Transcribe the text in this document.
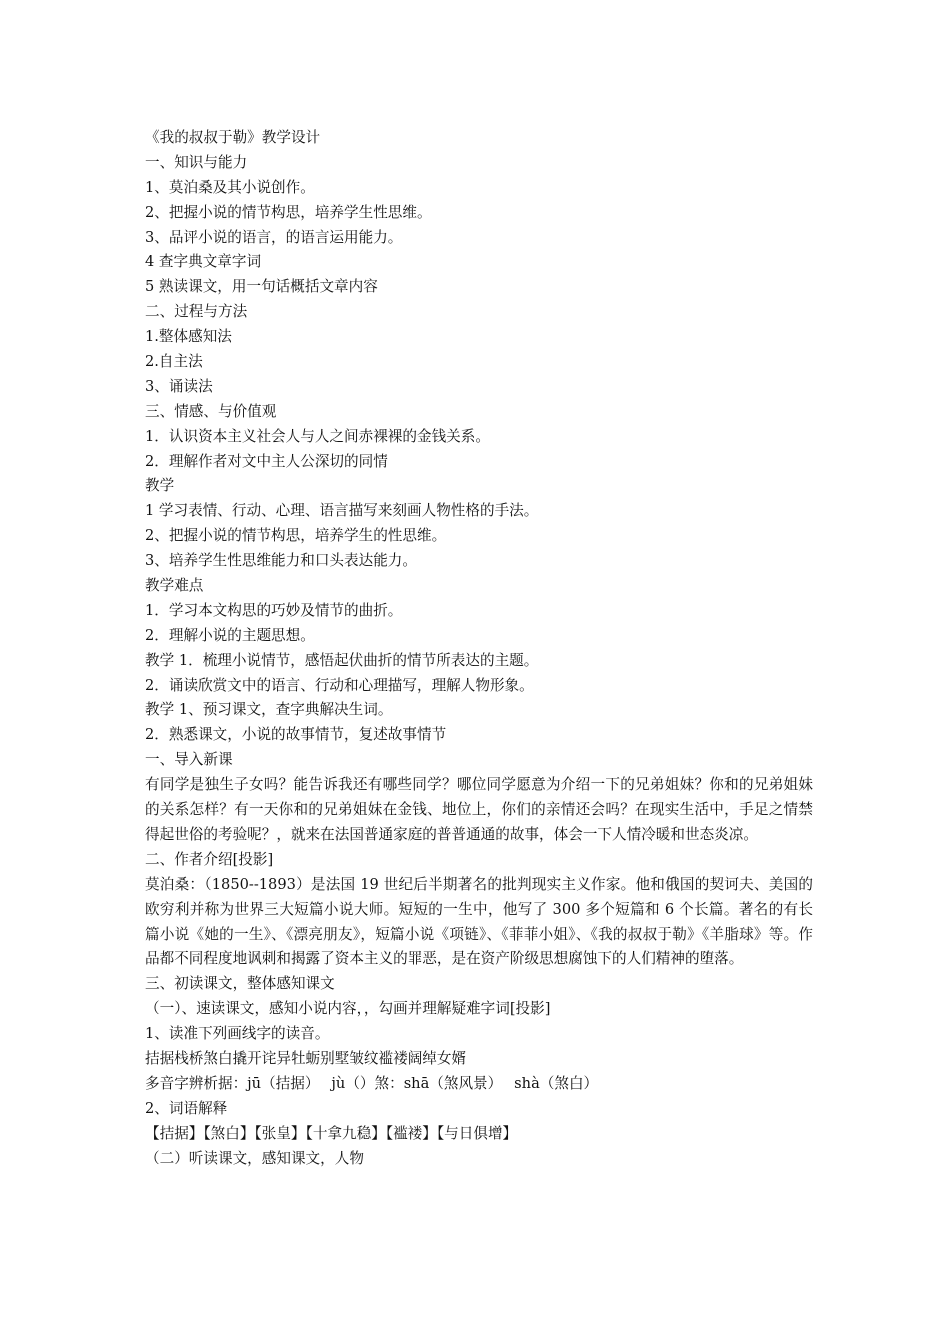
《我的叔叔于勒》教学设计
一、知识与能力
1、莫泊桑及其小说创作。
2、把握小说的情节构思，培养学生性思维。
3、品评小说的语言，的语言运用能力。
4 查字典文章字词
5 熟读课文，用一句话概括文章内容
二、过程与方法
1.整体感知法
2.自主法
3、诵读法
三、情感、与价值观
1．认识资本主义社会人与人之间赤裸裸的金钱关系。
2．理解作者对文中主人公深切的同情
教学
1 学习表情、行动、心理、语言描写来刻画人物性格的手法。
2、把握小说的情节构思，培养学生的性思维。
3、培养学生性思维能力和口头表达能力。
教学难点
1．学习本文构思的巧妙及情节的曲折。
2．理解小说的主题思想。
教学 1．梳理小说情节，感悟起伏曲折的情节所表达的主题。
2．诵读欣赏文中的语言、行动和心理描写，理解人物形象。
教学 1、预习课文，查字典解决生词。
2．熟悉课文，小说的故事情节，复述故事情节
一、导入新课
有同学是独生子女吗？能告诉我还有哪些同学？哪位同学愿意为介绍一下的兄弟姐妹？你和的兄弟姐妹的关系怎样？有一天你和的兄弟姐妹在金钱、地位上，你们的亲情还会吗？在现实生活中，手足之情禁得起世俗的考验呢？，就来在法国普通家庭的普普通通的故事，体会一下人情冷暖和世态炎凉。
二、作者介绍[投影]
莫泊桑：（1850--1893）是法国 19 世纪后半期著名的批判现实主义作家。他和俄国的契诃夫、美国的欧穷利并称为世界三大短篇小说大师。短短的一生中，他写了 300 多个短篇和 6 个长篇。著名的有长篇小说《她的一生》、《漂亮朋友》，短篇小说《项链》、《菲菲小姐》、《我的叔叔于勒》《羊脂球》等。作品都不同程度地讽刺和揭露了资本主义的罪恶，是在资产阶级思想腐蚀下的人们精神的堕落。
三、初读课文，整体感知课文
（一）、速读课文，感知小说内容，，勾画并理解疑难字词[投影]
1、读准下列画线字的读音。
拮据栈桥煞白撬开诧异牡蛎别墅皱纹褴褛阔绰女婿
多音字辨析据：jū（拮据）　 jù（）煞：shā（煞风景）　 shà（煞白）
2、词语解释
【拮据】【煞白】【张皇】【十拿九稳】【褴褛】【与日俱增】
（二）听读课文，感知课文，人物
